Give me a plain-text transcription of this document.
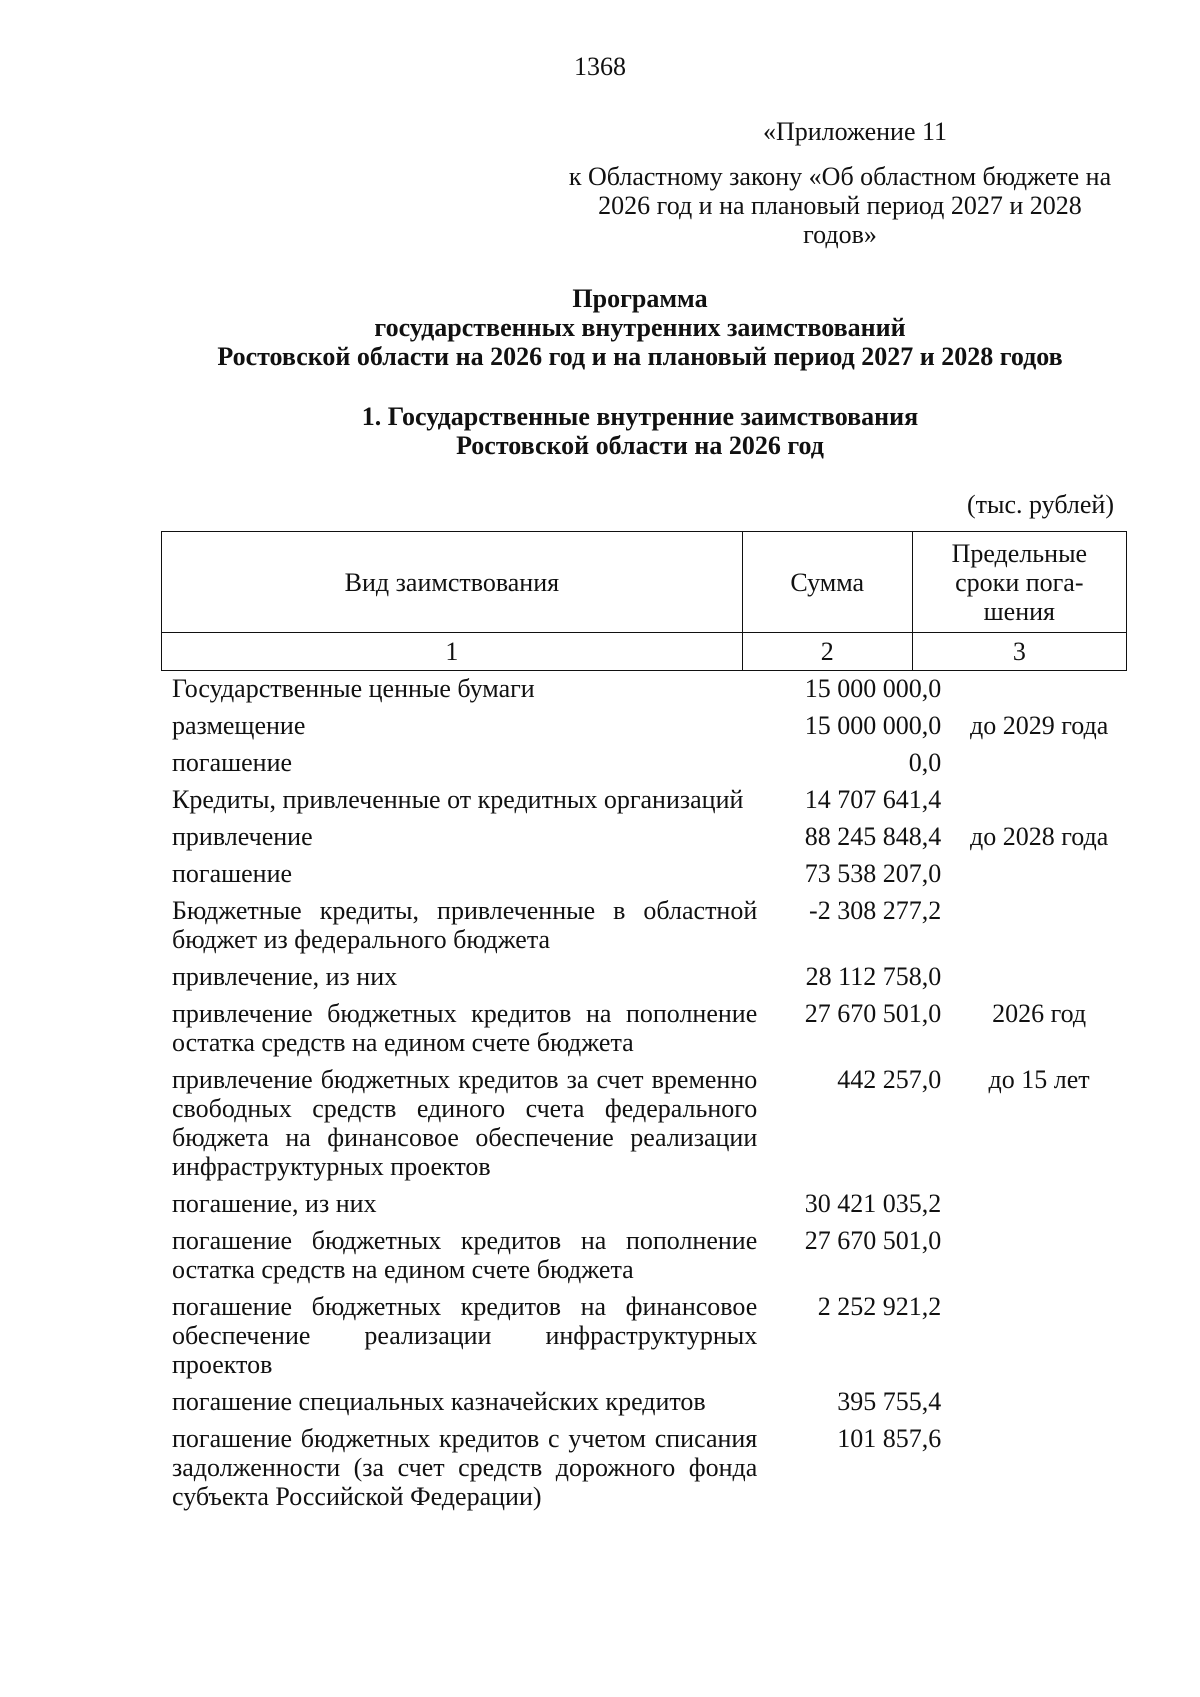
1368
«Приложение 11
к Областному закону «Об областном бюджете на 2026 год и на плановый период 2027 и 2028 годов»
Программа
государственных внутренних заимствований
Ростовской области на 2026 год и на плановый период 2027 и 2028 годов
1. Государственные внутренние заимствования
Ростовской области на 2026 год
(тыс. рублей)
Вид заимствования	Сумма	Предельные сроки пога-шения
1	2	3
Государственные ценные бумаги	15 000 000,0	
размещение	15 000 000,0	до 2029 года
погашение	0,0	
Кредиты, привлеченные от кредитных организаций	14 707 641,4	
привлечение	88 245 848,4	до 2028 года
погашение	73 538 207,0	
Бюджетные кредиты, привлеченные в областной бюджет из федерального бюджета	-2 308 277,2	
привлечение, из них	28 112 758,0	
привлечение бюджетных кредитов на пополнение остатка средств на едином счете бюджета	27 670 501,0	2026 год
привлечение бюджетных кредитов за счет временно свободных средств единого счета федерального бюджета на финансовое обеспечение реализации инфраструктурных проектов	442 257,0	до 15 лет
погашение, из них	30 421 035,2	
погашение бюджетных кредитов на пополнение остатка средств на едином счете бюджета	27 670 501,0	
погашение бюджетных кредитов на финансовое обеспечение реализации инфраструктурных проектов	2 252 921,2	
погашение специальных казначейских кредитов	395 755,4	
погашение бюджетных кредитов с учетом списания задолженности (за счет средств дорожного фонда субъекта Российской Федерации)	101 857,6	
